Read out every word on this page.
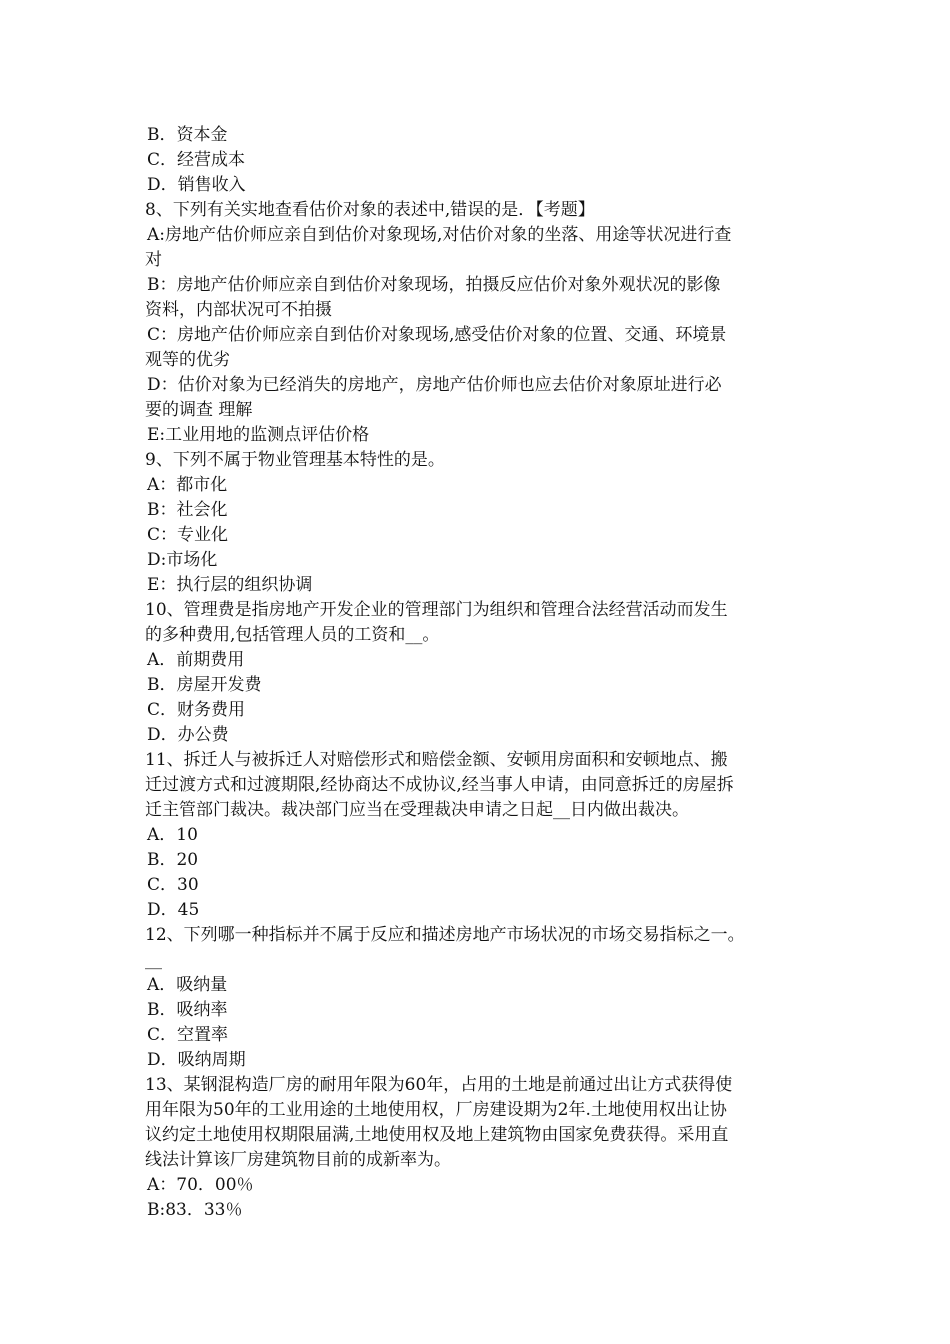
B．资本金

C．经营成本

D．销售收入

8、下列有关实地查看估价对象的表述中,错误的是．【考题】

A:房地产估价师应亲自到估价对象现场,对估价对象的坐落、用途等状况进行查

对

B：房地产估价师应亲自到估价对象现场，拍摄反应估价对象外观状况的影像

资料，内部状况可不拍摄

C：房地产估价师应亲自到估价对象现场,感受估价对象的位置、交通、环境景

观等的优劣

D：估价对象为已经消失的房地产，房地产估价师也应去估价对象原址进行必

要的调查 理解

E:工业用地的监测点评估价格

9、下列不属于物业管理基本特性的是。

A：都市化

B：社会化

C：专业化

D:市场化

E：执行层的组织协调

10、管理费是指房地产开发企业的管理部门为组织和管理合法经营活动而发生

的多种费用,包括管理人员的工资和__。

A．前期费用

B．房屋开发费

C．财务费用

D．办公费

11、拆迁人与被拆迁人对赔偿形式和赔偿金额、安顿用房面积和安顿地点、搬

迁过渡方式和过渡期限,经协商达不成协议,经当事人申请，由同意拆迁的房屋拆

迁主管部门裁决。裁决部门应当在受理裁决申请之日起__日内做出裁决。

A．10

B．20

C．30

D．45

12、下列哪一种指标并不属于反应和描述房地产市场状况的市场交易指标之一。

__

A．吸纳量

B．吸纳率

C．空置率

D．吸纳周期

13、某钢混构造厂房的耐用年限为60年，占用的土地是前通过出让方式获得使

用年限为50年的工业用途的土地使用权，厂房建设期为2年.土地使用权出让协

议约定土地使用权期限届满,土地使用权及地上建筑物由国家免费获得。采用直

线法计算该厂房建筑物目前的成新率为。

A：70．00％

B:83．33％
